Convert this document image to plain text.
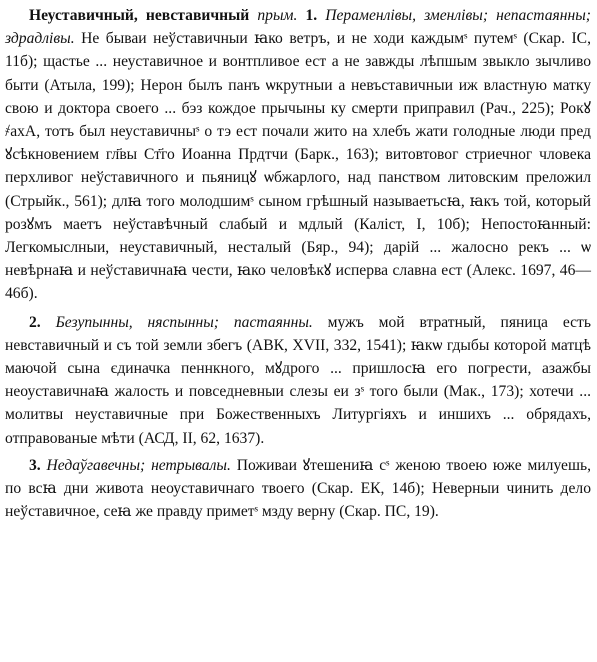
Неуставичный, невставичный прым. 1. Пераменлівы, зменлівы; непастаянны; здрадлівы. Не бываи неўставичныи ꙗко ветръ, и не ходи каждымˢ путемˢ (Скар. ІС, 11б); щастье ... неуставичное и вонтпливое ест а не завжды лѣпшым звыкло зычливо быти (Атыла, 199); Нерон былъ панъ ѡкрутныи а невъставичныи иж властную матку свою и доктора своего ... бэз кождое прычыны ку смерти приправил (Рач., 225); Рокꙋ ҂ахА, тотъ был неуставичныˢ о тэ ест почали жито на хлебъ жати голодные люди пред ꙋсѣкновением гл҃вы Ст҃го Иоанна Прдтчи (Барк., 163); витовтовог стриечног чловека перхливог неўставичного и пьяницꙋ ѡбжарлого, над панством литовским преложил (Стрыйк., 561); длꙗ того молодшимˢ сыном грѣшный называетьсꙗ, ꙗкъ той, который розꙋмъ маетъ неўставѣчный слабый и мдлый (Каліст, І, 10б); Непостоꙗнный: Легкомыслныи, неуставичный, несталый (Бяр., 94); дарій ... жалосно рекъ ... ѡ невѣрнаꙗ и неўставичнаꙗ чести, ꙗко человѣкꙋ исперва славна ест (Алекс. 1697, 46—46б).

2. Безупынны, няспынны; пастаянны. мужъ мой втратный, пяница есть невставичный и съ той земли збегъ (АВК, XVII, 332, 1541); ꙗкѡ гдыбы которой матцѣ маючой сына єдиначка пеннкного, мꙋдрого ... пришлосꙗ его погрести, азажбы неоуставичнаꙗ жалость и повседневныи слезы еи зˢ того были (Мак., 173); хотечи ... молитвы неуставичные при Божественныхъ Литургіяхъ и иншихъ ... обрядахъ, отправованые мѣти (АСД, II, 62, 1637).

3. Недаўгавечны; нетрывалы. Поживаи ꙋтешениꙗ сˢ женою твоею юже милуешь, по всꙗ дни живота неоуставичнаго твоего (Скар. ЕК, 14б); Неверныи чинить дело неўставичное, сеꙗ же правду приметˢ мзду верну (Скар. ПС, 19).
